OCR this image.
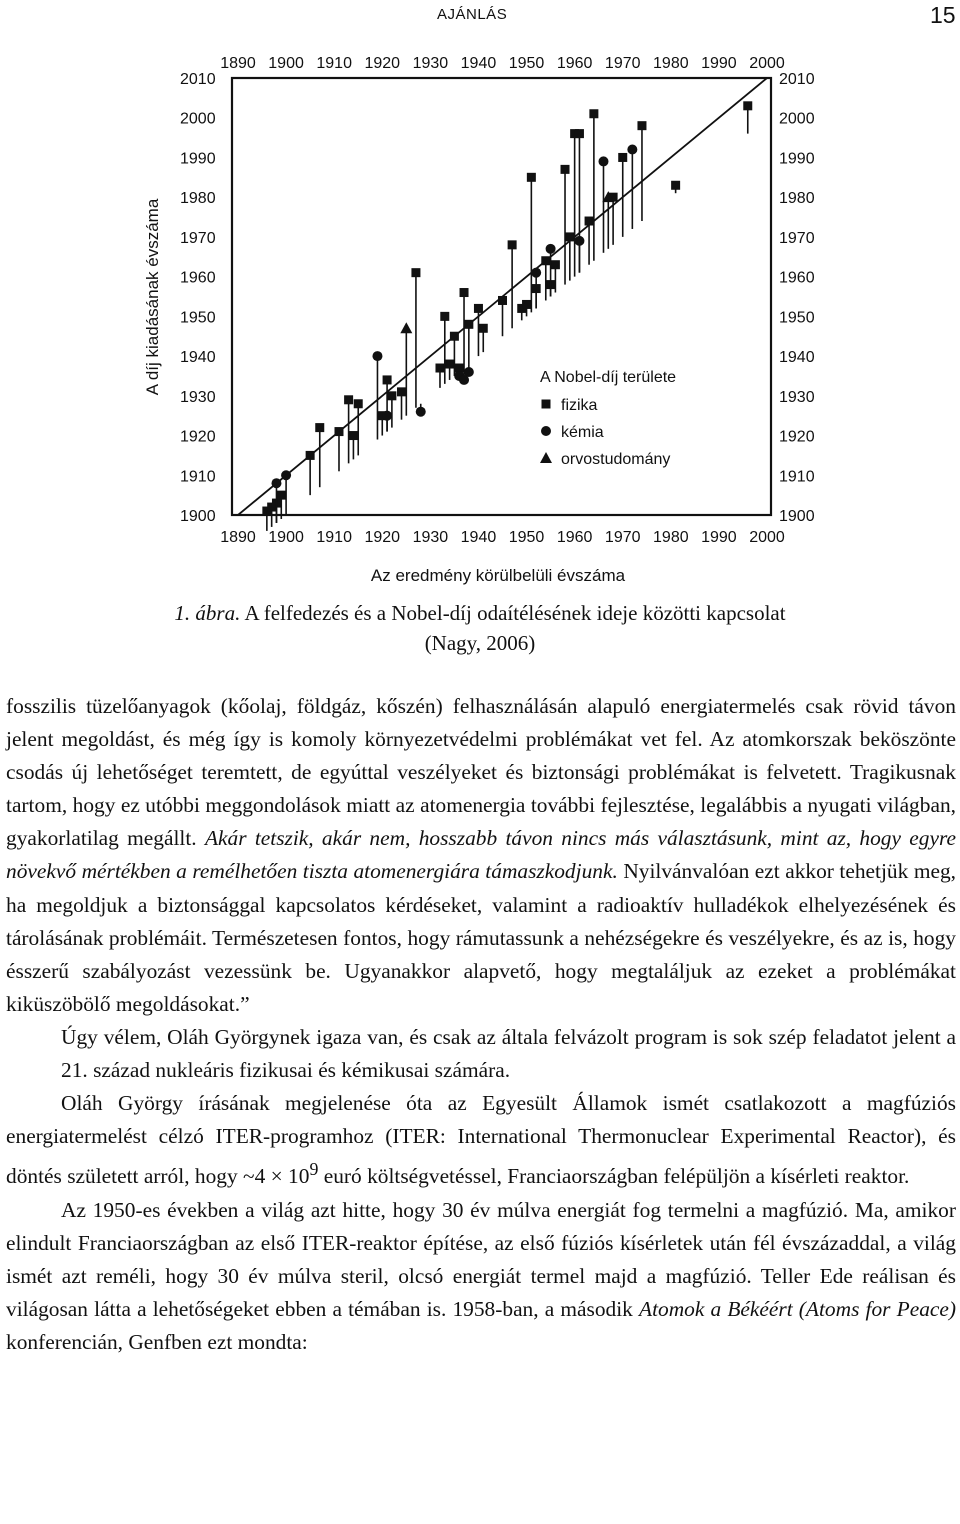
AJÁNLÁS	15
1890
1890
1900
1900
1910
1910
1920
1920
1930
1930
1940
1940
1950
1950
1960
1960
1970
1970
1980
1980
1990
1990
2000
2000
2010	2010
2000	2000
1990	1990
1980	1980
1970	1970
1960	1960
1950	1950
1940	1940
1930	1930
1920	1920
1910	1910
1900	1900
Az eredmény körülbelüli évszáma
A díj kiadásának évszáma	A Nobel-díj területe
fizika
kémia
orvostudomány
1. ábra. A felfedezés és a Nobel-díj odaítélésének ideje közötti kapcsolat (Nagy, 2006)

fosszilis tüzelőanyagok (kőolaj, földgáz, kőszén) felhasználásán alapuló energiatermelés csak rövid távon jelent megoldást, és még így is komoly környezetvédelmi problémákat vet fel. Az atomkorszak beköszönte csodás új lehetőséget teremtett, de egyúttal veszélyeket és biztonsági problémákat is felvetett. Tragikusnak tartom, hogy ez utóbbi meggondolások miatt az atomenergia további fejlesztése, legalábbis a nyugati világban, gyakorlatilag megállt. Akár tetszik, akár nem, hosszabb távon nincs más választásunk, mint az, hogy egyre növekvő mértékben a remélhetően tiszta atomenergiára támaszkodjunk. Nyilvánvalóan ezt akkor tehetjük meg, ha megoldjuk a biztonsággal kapcsolatos kérdéseket, valamint a radioaktív hulladékok elhelyezésének és tárolásának problémáit. Természetesen fontos, hogy rámutassunk a nehézségekre és veszélyekre, és az is, hogy ésszerű szabályozást vezessünk be. Ugyanakkor alapvető, hogy megtaláljuk az ezeket a problémákat kiküszöbölő megoldásokat.”

Úgy vélem, Oláh Györgynek igaza van, és csak az általa felvázolt program is sok szép feladatot jelent a 21. század nukleáris fizikusai és kémikusai számára.

Oláh György írásának megjelenése óta az Egyesült Államok ismét csatlakozott a magfúziós energiatermelést célzó ITER-programhoz (ITER: International Thermonuclear Experimental Reactor), és döntés született arról, hogy ~4 × $10^9$ euró költségvetéssel, Franciaországban felépüljön a kísérleti reaktor.

Az 1950-es években a világ azt hitte, hogy 30 év múlva energiát fog termelni a magfúzió. Ma, amikor elindult Franciaországban az első ITER-reaktor építése, az első fúziós kísérletek után fél évszázaddal, a világ ismét azt reméli, hogy 30 év múlva steril, olcsó energiát termel majd a magfúzió. Teller Ede reálisan és világosan látta a lehetőségeket ebben a témában is. 1958-ban, a második Atomok a Békéért (Atoms for Peace) konferencián, Genfben ezt mondta:
